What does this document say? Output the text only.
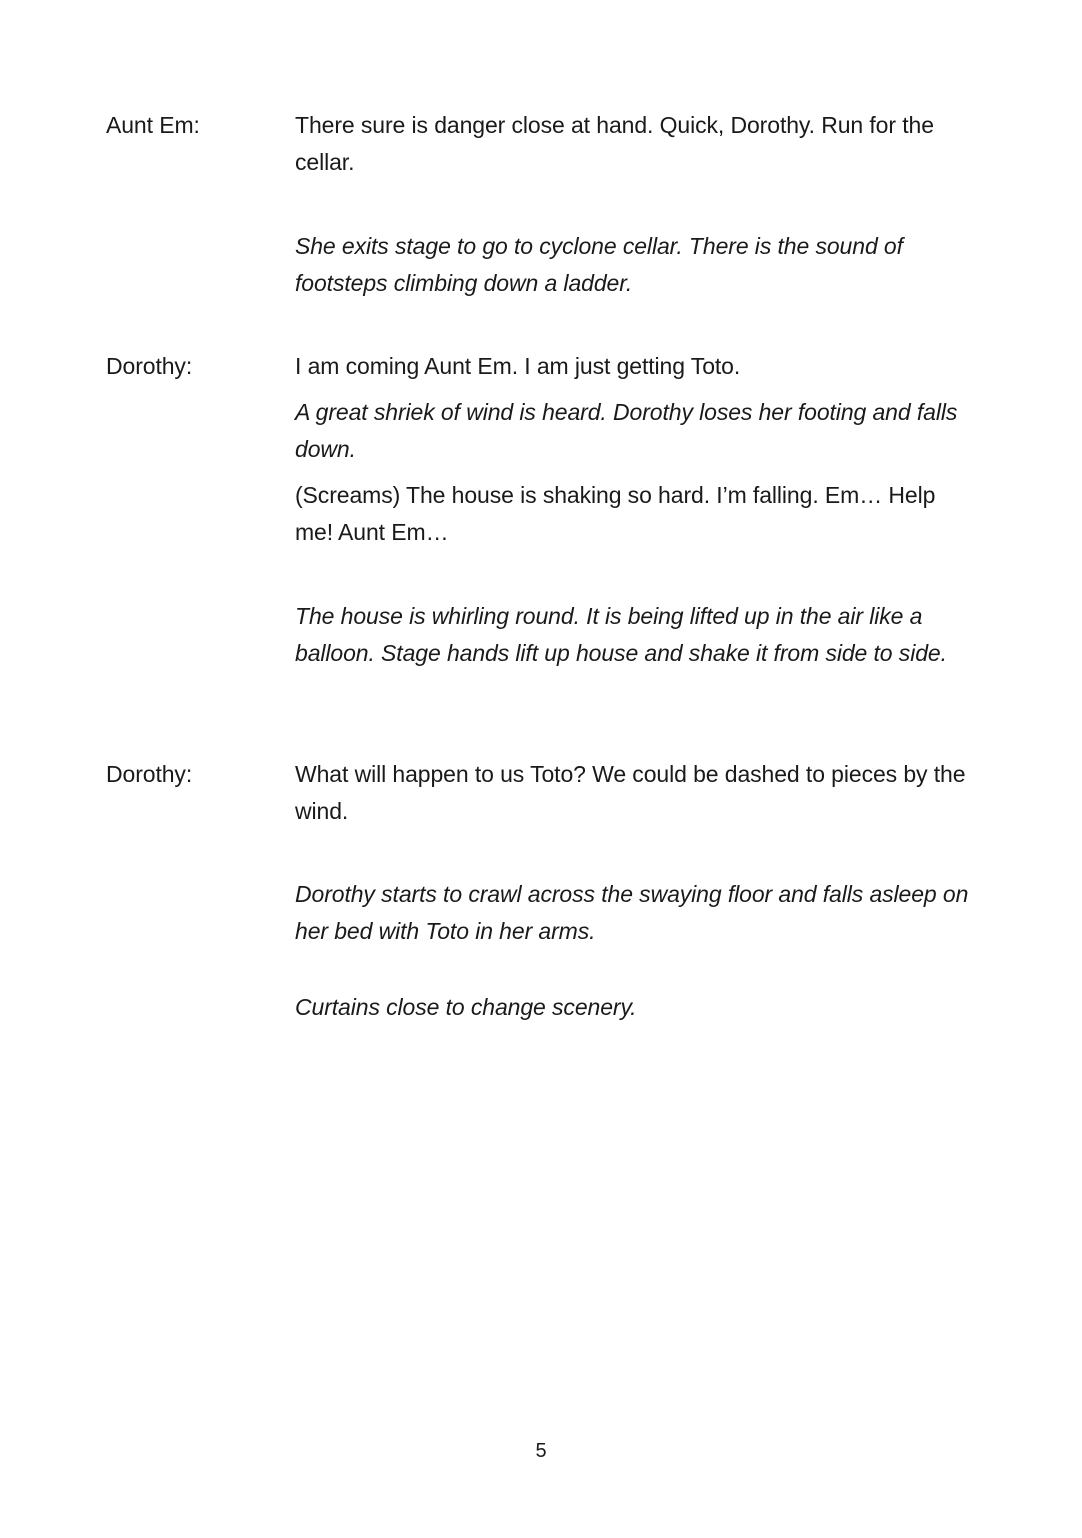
Aunt Em:	There sure is danger close at hand. Quick, Dorothy. Run for the cellar.
She exits stage to go to cyclone cellar. There is the sound of footsteps climbing down a ladder.
Dorothy:	I am coming Aunt Em. I am just getting Toto.
A great shriek of wind is heard. Dorothy loses her footing and falls down.
(Screams) The house is shaking so hard. I’m falling. Em… Help me! Aunt Em…
The house is whirling round. It is being lifted up in the air like a balloon. Stage hands lift up house and shake it from side to side.
Dorothy:	What will happen to us Toto? We could be dashed to pieces by the wind.
Dorothy starts to crawl across the swaying floor and falls asleep on her bed with Toto in her arms.
Curtains close to change scenery.
5
